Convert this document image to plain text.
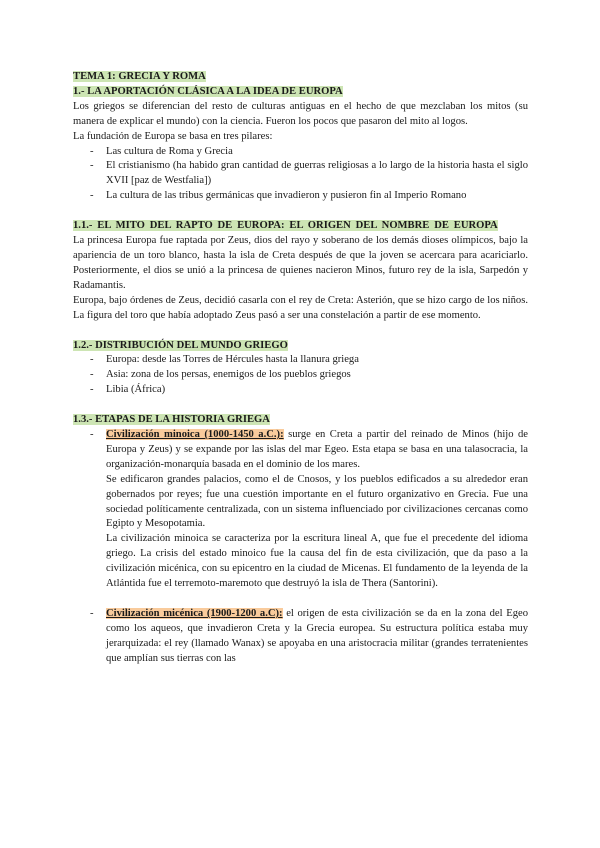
TEMA 1: GRECIA Y ROMA

1.- LA APORTACIÓN CLÁSICA A LA IDEA DE EUROPA

Los griegos se diferencian del resto de culturas antiguas en el hecho de que mezclaban los mitos (su manera de explicar el mundo) con la ciencia. Fueron los pocos que pasaron del mito al logos.

La fundación de Europa se basa en tres pilares:

- Las cultura de Roma y Grecia
- El cristianismo (ha habido gran cantidad de guerras religiosas a lo largo de la historia hasta el siglo XVII [paz de Westfalia])
- La cultura de las tribus germánicas que invadieron y pusieron fin al Imperio Romano
1.1.- EL MITO DEL RAPTO DE EUROPA: EL ORIGEN DEL NOMBRE DE EUROPA

La princesa Europa fue raptada por Zeus, dios del rayo y soberano de los demás dioses olímpicos, bajo la apariencia de un toro blanco, hasta la isla de Creta después de que la joven se acercara para acariciarlo. Posteriormente, el dios se unió a la princesa de quienes nacieron Minos, futuro rey de la isla, Sarpedón y Radamantis.

Europa, bajo órdenes de Zeus, decidió casarla con el rey de Creta: Asterión, que se hizo cargo de los niños. La figura del toro que había adoptado Zeus pasó a ser una constelación a partir de ese momento.

1.2.- DISTRIBUCIÓN DEL MUNDO GRIEGO
- Europa: desde las Torres de Hércules hasta la llanura griega
- Asia: zona de los persas, enemigos de los pueblos griegos
- Libia (África)
1.3.- ETAPAS DE LA HISTORIA GRIEGA
- Civilización minoica (1000-1450 a.C.): surge en Creta a partir del reinado de Minos (hijo de Europa y Zeus) y se expande por las islas del mar Egeo. Esta etapa se basa en una talasocracia, la organización-monarquía basada en el dominio de los mares.

Se edificaron grandes palacios, como el de Cnosos, y los pueblos edificados a su alrededor eran gobernados por reyes; fue una cuestión importante en el futuro organizativo en Grecia. Fue una sociedad políticamente centralizada, con un sistema influenciado por civilizaciones cercanas como Egipto y Mesopotamia.

La civilización minoica se caracteriza por la escritura lineal A, que fue el precedente del idioma griego. La crisis del estado minoico fue la causa del fin de esta civilización, que da paso a la civilización micénica, con su epicentro en la ciudad de Micenas. El fundamento de la leyenda de la Atlántida fue el terremoto-maremoto que destruyó la isla de Thera (Santorini).

- Civilización micénica (1900-1200 a.C): el origen de esta civilización se da en la zona del Egeo como los aqueos, que invadieron Creta y la Grecia europea. Su estructura política estaba muy jerarquizada: el rey (llamado Wanax) se apoyaba en una aristocracia militar (grandes terratenientes que amplían sus tierras con las
